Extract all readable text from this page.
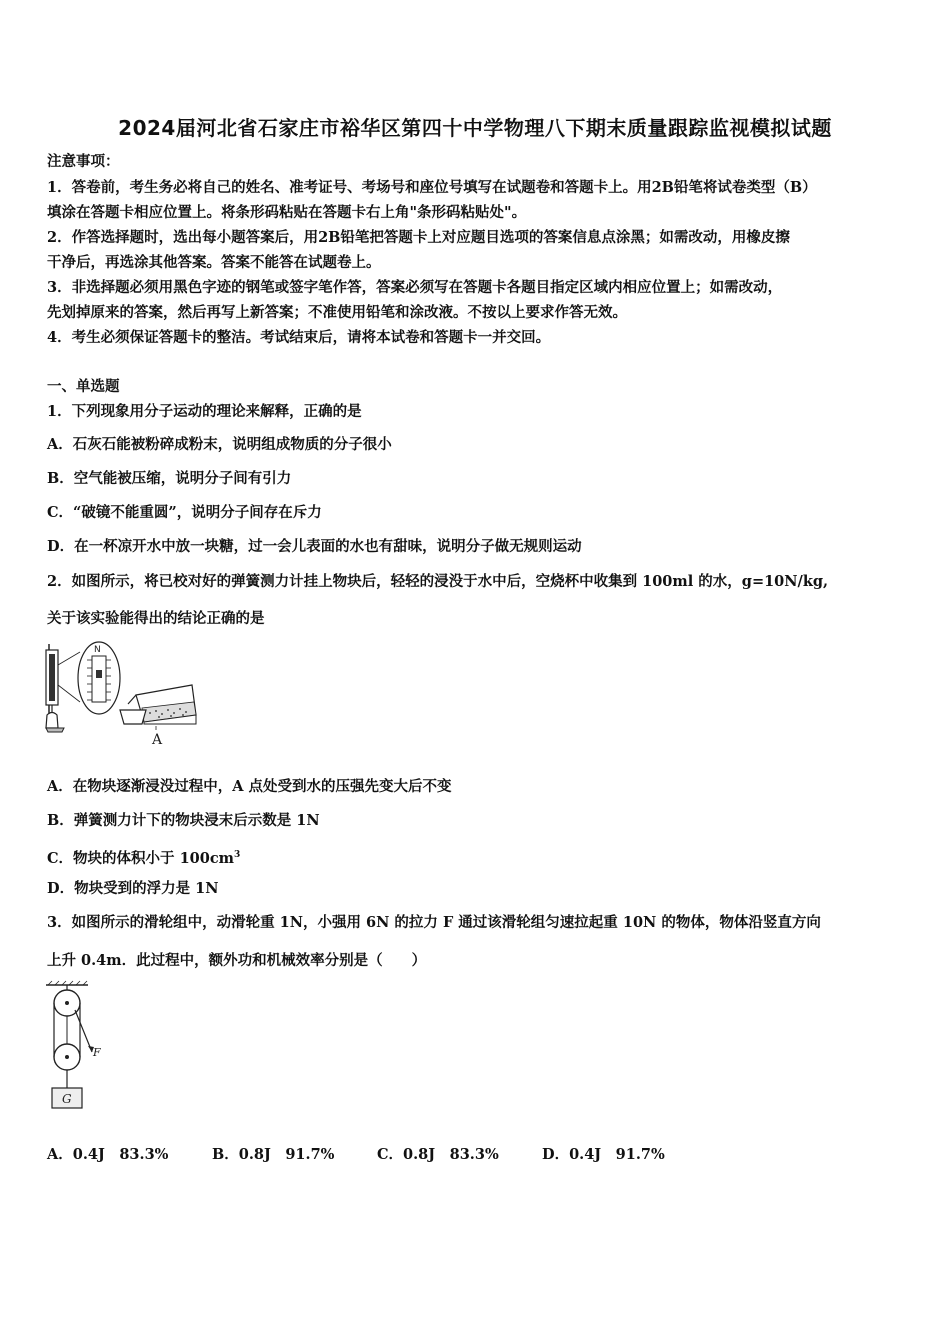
2024届河北省石家庄市裕华区第四十中学物理八下期末质量跟踪监视模拟试题
注意事项：
1．答卷前，考生务必将自己的姓名、准考证号、考场号和座位号填写在试题卷和答题卡上。用2B铅笔将试卷类型（B）
填涂在答题卡相应位置上。将条形码粘贴在答题卡右上角"条形码粘贴处"。
2．作答选择题时，选出每小题答案后，用2B铅笔把答题卡上对应题目选项的答案信息点涂黑；如需改动，用橡皮擦
干净后，再选涂其他答案。答案不能答在试题卷上。
3．非选择题必须用黑色字迹的钢笔或签字笔作答，答案必须写在答题卡各题目指定区域内相应位置上；如需改动，
先划掉原来的答案，然后再写上新答案；不准使用铅笔和涂改液。不按以上要求作答无效。
4．考生必须保证答题卡的整洁。考试结束后，请将本试卷和答题卡一并交回。
一、单选题
1．下列现象用分子运动的理论来解释，正确的是
A．石灰石能被粉碎成粉末，说明组成物质的分子很小
B．空气能被压缩，说明分子间有引力
C．“破镜不能重圆”，说明分子间存在斥力
D．在一杯凉开水中放一块糖，过一会儿表面的水也有甜味，说明分子做无规则运动
2．如图所示，将已校对好的弹簧测力计挂上物块后，轻轻的浸没于水中后，空烧杯中收集到 100ml 的水，g=10N/kg,
关于该实验能得出的结论正确的是
N
A
A．在物块逐渐浸没过程中，A 点处受到水的压强先变大后不变
B．弹簧测力计下的物块浸末后示数是 1N
C．物块的体积小于 $100cm^3$
D．物块受到的浮力是 1N
3．如图所示的滑轮组中，动滑轮重 1N，小强用 6N 的拉力 F 通过该滑轮组匀速拉起重 10N 的物体，物体沿竖直方向
上升 0.4m．此过程中，额外功和机械效率分别是（　　）
F
G
A．0.4J　83.3%	B．0.8J　91.7%	C．0.8J　83.3%	D．0.4J　91.7%
